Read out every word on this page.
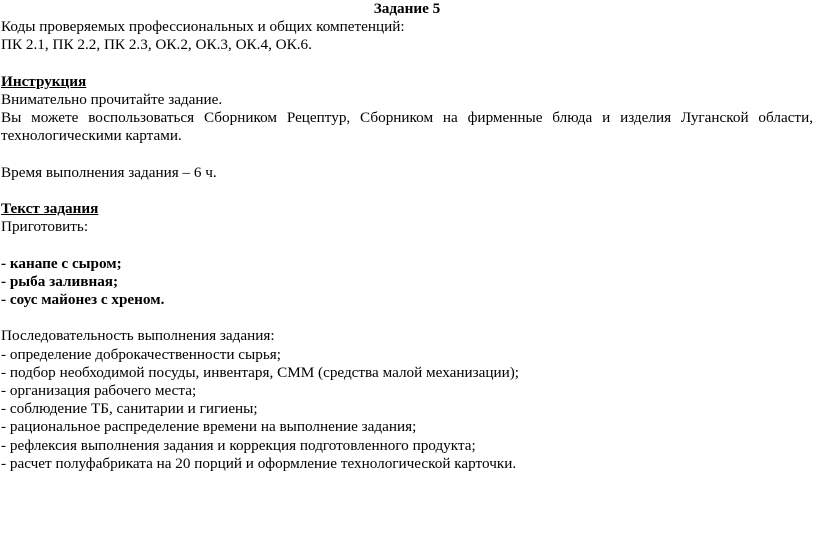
Задание 5
Коды проверяемых профессиональных и общих компетенций:
ПК 2.1, ПК 2.2, ПК 2.3, ОК.2, ОК.3, ОК.4, ОК.6.
Инструкция
Внимательно прочитайте задание.
Вы можете воспользоваться Сборником Рецептур, Сборником на фирменные блюда и изделия Луганской области,
технологическими картами.
Время выполнения задания – 6 ч.
Текст задания
Приготовить:
- канапе с сыром;
- рыба заливная;
- соус майонез с хреном.
Последовательность выполнения задания:
- определение доброкачественности сырья;
- подбор необходимой посуды, инвентаря, СММ (средства малой механизации);
- организация рабочего места;
- соблюдение ТБ, санитарии и гигиены;
- рациональное распределение времени на выполнение задания;
- рефлексия выполнения задания и коррекция подготовленного продукта;
- расчет полуфабриката на 20 порций и оформление технологической карточки.
